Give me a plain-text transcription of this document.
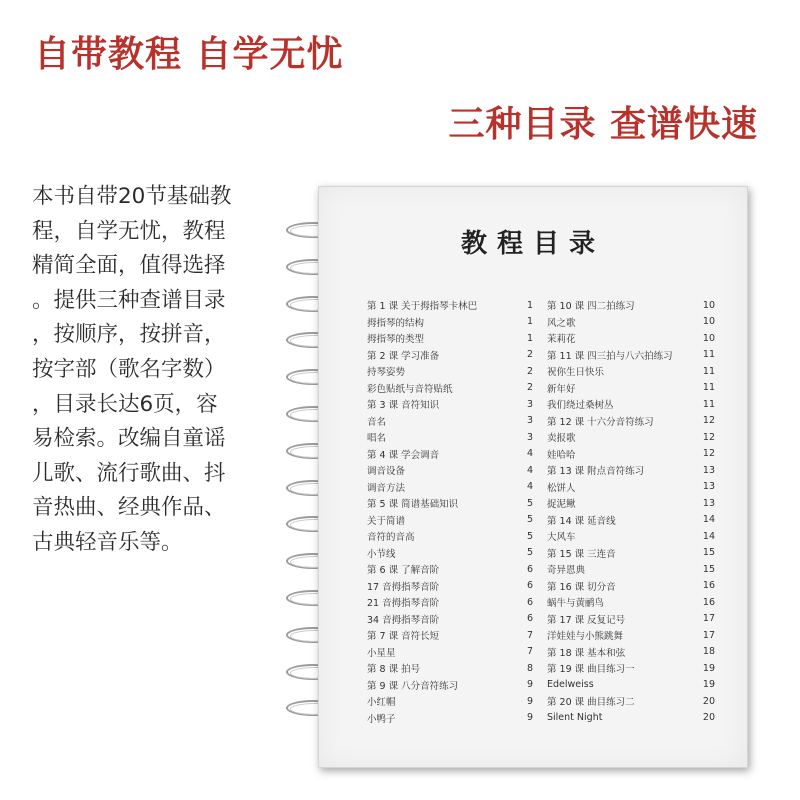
自带教程 自学无忧
三种目录 查谱快速
本书自带20节基础教
程，自学无忧，教程
精简全面，值得选择
。提供三种查谱目录
，按顺序，按拼音，
按字部（歌名字数）
，目录长达6页，容
易检索。改编自童谣
儿歌、流行歌曲、抖
音热曲、经典作品、
古典轻音乐等。
教程目录
第 1 课 关于拇指琴卡林巴	1
拇指琴的结构	1
拇指琴的类型	1
第 2 课 学习准备	2
持琴姿势	2
彩色贴纸与音符贴纸	2
第 3 课 音符知识	3
音名	3
唱名	3
第 4 课 学会调音	4
调音设备	4
调音方法	4
第 5 课 简谱基础知识	5
关于简谱	5
音符的音高	5
小节线	5
第 6 课 了解音阶	6
17 音拇指琴音阶	6
21 音拇指琴音阶	6
34 音拇指琴音阶	6
第 7 课 音符长短	7
小星星	7
第 8 课 拍号	8
第 9 课 八分音符练习	9
小红帽	9
小鸭子	9
第 10 课 四二拍练习	10
风之歌	10
茉莉花	10
第 11 课 四三拍与八六拍练习	11
祝你生日快乐	11
新年好	11
我们绕过桑树丛	11
第 12 课 十六分音符练习	12
卖报歌	12
娃哈哈	12
第 13 课 附点音符练习	13
松饼人	13
捉泥鳅	13
第 14 课 延音线	14
大风车	14
第 15 课 三连音	15
奇异恩典	15
第 16 课 切分音	16
蜗牛与黄鹂鸟	16
第 17 课 反复记号	17
洋娃娃与小熊跳舞	17
第 18 课 基本和弦	18
第 19 课 曲目练习一	19
Edelweiss	19
第 20 课 曲目练习二	20
Silent Night	20
